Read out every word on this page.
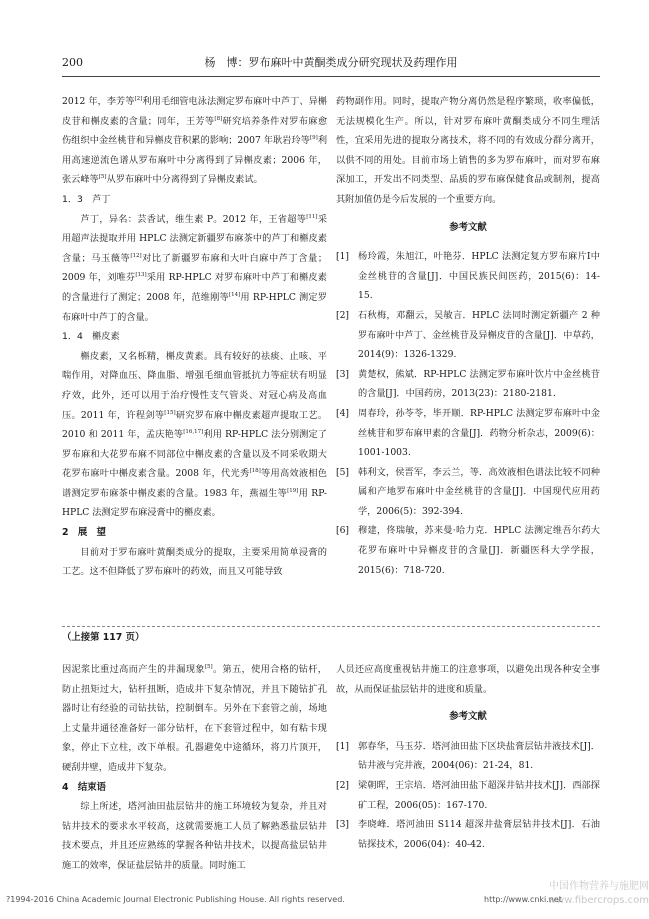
200	杨　博：罗布麻叶中黄酮类成分研究现状及药理作用

2012 年，李芳等[2]利用毛细管电泳法测定罗布麻叶中芦丁、异槲皮苷和槲皮素的含量；同年，王芳等[8]研究培养条件对罗布麻愈伤组织中金丝桃苷和异槲皮苷积累的影响；2007 年耿岩玲等[9]利用高速逆流色谱从罗布麻叶中分离得到了异槲皮素；2006 年，张云峰等[5]从罗布麻叶中分离得到了异槲皮素试。

1．3　芦丁

芦丁，异名：芸香试，维生素 P。2012 年，王省超等[11]采用超声法提取并用 HPLC 法测定新疆罗布麻茶中的芦丁和槲皮素含量；马玉薇等[12]对比了新疆罗布麻和大叶白麻中芦丁含量；2009 年，刘唯芬[13]采用 RP-HPLC 对罗布麻叶中芦丁和槲皮素的含量进行了测定；2008 年，范维刚等[14]用 RP-HPLC 测定罗布麻叶中芦丁的含量。

1．4　槲皮素

槲皮素，又名栎精，槲皮黄素。具有较好的祛痰、止咳、平喘作用，对降血压、降血脂、增强毛细血管抵抗力等症状有明显疗效，此外，还可以用于治疗慢性支气管炎、对冠心病及高血压。2011 年，许程剑等[15]研究罗布麻中槲皮素超声提取工艺。2010 和 2011 年，孟庆艳等[16,17]利用 RP-HPLC 法分别测定了罗布麻和大花罗布麻不同部位中槲皮素的含量以及不同采收期大花罗布麻叶中槲皮素含量。2008 年，代光秀[18]等用高效液相色谱测定罗布麻茶中槲皮素的含量。1983 年，燕福生等[19]用 RP-HPLC 法测定罗布麻浸膏中的槲皮素。

2　展　望

目前对于罗布麻叶黄酮类成分的提取，主要采用简单浸膏的工艺。这不但降低了罗布麻叶的药效，而且又可能导致

药物副作用。同时，提取产物分离仍然是程序繁琐，收率偏低，无法规模化生产。所以，针对罗布麻叶黄酮类成分不同生理活性，宜采用先进的提取分离技术，将不同的有效成分群分离开，以供不同的用处。目前市场上销售的多为罗布麻叶，而对罗布麻深加工，开发出不同类型、品质的罗布麻保健食品或制剂，提高其附加值仍是今后发展的一个重要方向。

参考文献

[1] 杨玲霞，朱旭江，叶艳芬．HPLC 法测定复方罗布麻片Ⅰ中金丝桃苷的含量[J]．中国民族民间医药，2015(6)：14-15.
[2] 石秋梅，邓翻云，吴敏言．HPLC 法同时测定新疆产 2 种罗布麻叶中芦丁、金丝桃苷及异槲皮苷的含量[J]．中草药，2014(9)：1326-1329.
[3] 黄楚权，熊斌．RP-HPLC 法测定罗布麻叶饮片中金丝桃苷的含量[J]．中国药房，2013(23)：2180-2181.
[4] 周春玲，孙苓苓，毕开顺．RP-HPLC 法测定罗布麻叶中金丝桃苷和罗布麻甲素的含量[J]．药物分析杂志，2009(6)：1001-1003.
[5] 韩利文，侯晋军，李云兰，等．高效液相色谱法比较不同种属和产地罗布麻叶中金丝桃苷的含量[J]．中国现代应用药学，2006(5)：392-394.
[6] 穆建，佟瑞敏，苏来曼·哈力克．HPLC 法测定维吾尔药大花罗布麻叶中异槲皮苷的含量[J]．新疆医科大学学报，2015(6)：718-720.
（上接第 117 页）

因泥浆比重过高而产生的井漏现象[5]。第五，使用合格的钻杆，防止扭矩过大，钻杆扭断，造成井下复杂情况，并且下随钻扩孔器时让有经验的司钻扶钻，控制倒车。另外在下套管之前，场地上丈量井通径准备好一部分钻杆，在下套管过程中，如有粘卡现象，停止下立柱，改下单根。孔器避免中途循环，将刀片顶开，硬刮井壁，造成井下复杂。

4　结束语

综上所述，塔河油田盐层钻井的施工环境较为复杂，并且对钻井技术的要求水平较高，这就需要施工人员了解熟悉盐层钻井技术要点，并且还应熟练的掌握各种钻井技术，以提高盐层钻井施工的效率，保证盐层钻井的质量。同时施工

人员还应高度重视钻井施工的注意事项，以避免出现各种安全事故，从而保证盐层钻井的进度和质量。

参考文献

[1] 郭春华，马玉芬．塔河油田盐下区块盐膏层钻井液技术[J]．钻井液与完井液，2004(06)：21-24，81.
[2] 梁朝晖，王宗培．塔河油田盐下超深井钻井技术[J]．西部探矿工程，2006(05)：167-170.
[3] 李晓峰．塔河油田 S114 超深井盐膏层钻井技术[J]．石油钻探技术，2006(04)：40-42.
中国作物营养与施肥网
www.fibercrops.com
?1994-2016 China Academic Journal Electronic Publishing House. All rights reserved.	http://www.cnki.net
